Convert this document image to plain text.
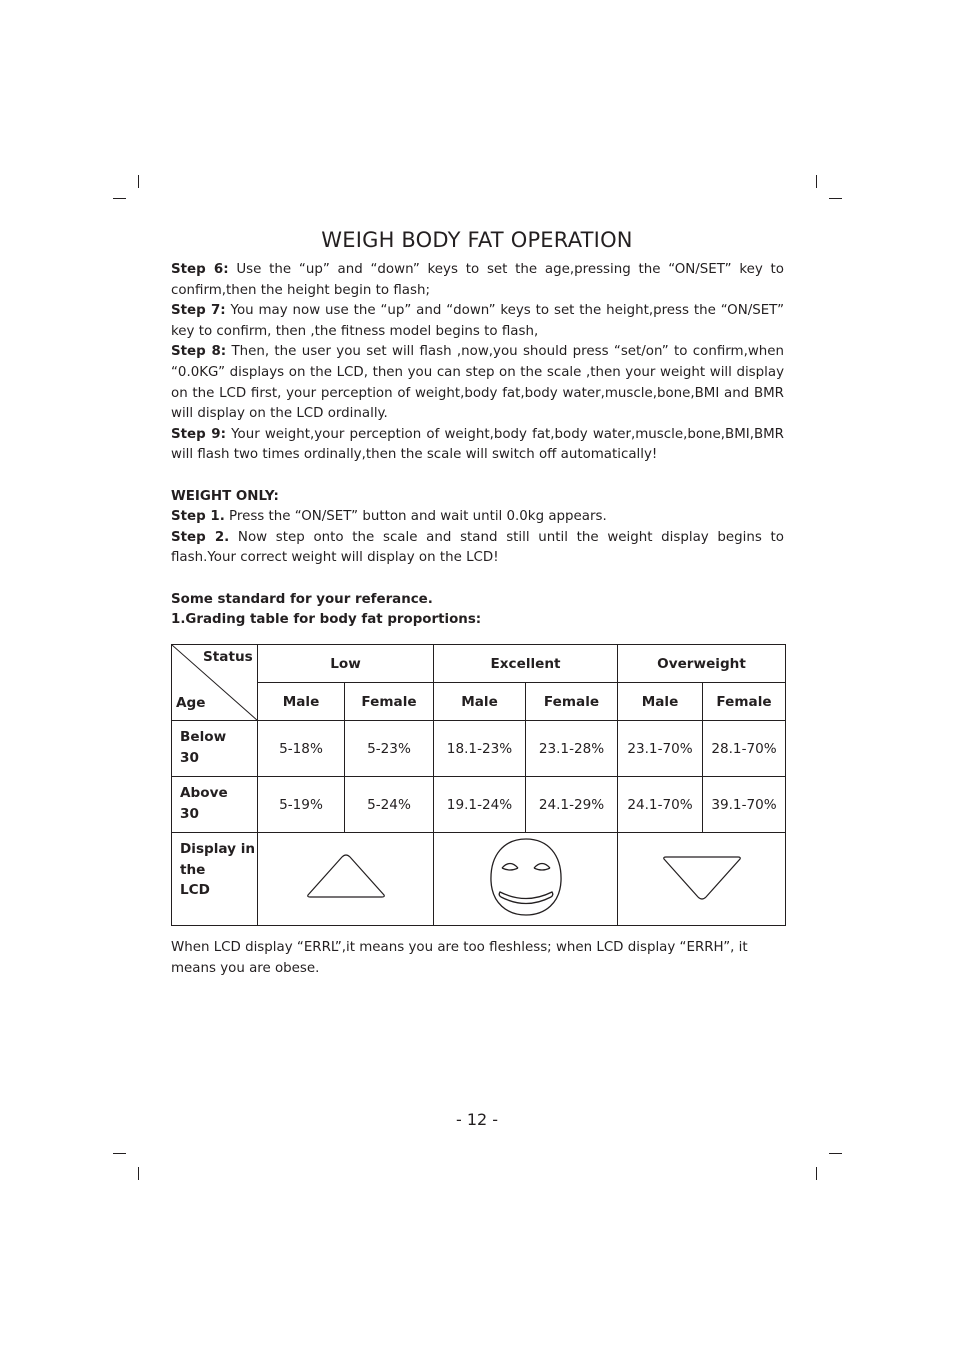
WEIGH BODY FAT OPERATION

Step 6: Use the “up” and “down” keys to set the age,pressing the “ON/SET” key to confirm,then the height begin to flash;

Step 7: You may now use the “up” and “down” keys to set the height,press the “ON/SET” key to confirm, then ,the fitness model begins to flash,

Step 8: Then, the user you set will flash ,now,you should press “set/on” to confirm,when “0.0KG” displays on the LCD, then you can step on the scale ,then your weight will display on the LCD first, your perception of weight,body fat,body water,muscle,bone,BMI and BMR will display on the LCD ordinally.

Step 9: Your weight,your perception of weight,body fat,body water,muscle,bone,BMI,BMR will flash two times ordinally,then the scale will switch off automatically!

WEIGHT ONLY:

Step 1. Press the “ON/SET” button and wait until 0.0kg appears.

Step 2. Now step onto the scale and stand still until the weight display begins to flash.Your correct weight will display on the LCD!

Some standard for your referance.

1.Grading table for body fat proportions:

Status
Age	Low		Excellent		Overweight	
	Male	Female	Male	Female	Male	Female
Below
30	5-18%	5-23%	18.1-23%	23.1-28%	23.1-70%	28.1-70%
Above
30	5-19%	5-24%	19.1-24%	24.1-29%	24.1-70%	39.1-70%
Display in
the
LCD			
When LCD display “ERRL”,it means you are too fleshless; when LCD display “ERRH”, it means you are obese.
- 12 -
